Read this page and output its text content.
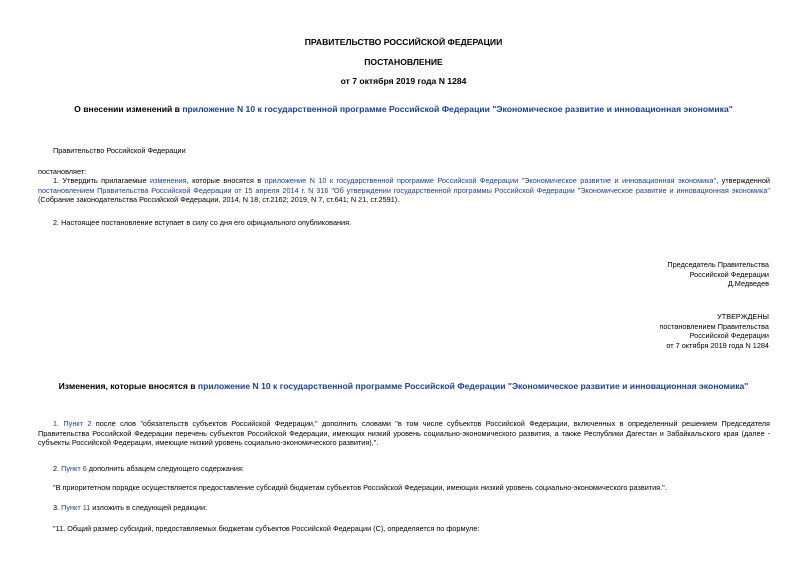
ПРАВИТЕЛЬСТВО РОССИЙСКОЙ ФЕДЕРАЦИИ
ПОСТАНОВЛЕНИЕ
от 7 октября 2019 года N 1284
О внесении изменений в приложение N 10 к государственной программе Российской Федерации "Экономическое развитие и инновационная экономика"
Правительство Российской Федерации
постановляет:
1. Утвердить прилагаемые изменения, которые вносятся в приложение N 10 к государственной программе Российской Федерации "Экономическое развитие и инновационная экономика", утвержденной постановлением Правительства Российской Федерации от 15 апреля 2014 г. N 316 "Об утверждении государственной программы Российской Федерации "Экономическое развитие и инновационная экономика" (Собрание законодательства Российской Федерации, 2014, N 18, ст.2162; 2019, N 7, ст.641; N 21, ст.2591).
2. Настоящее постановление вступает в силу со дня его официального опубликования.
Председатель Правительства
Российской Федерации
Д.Медведев
УТВЕРЖДЕНЫ
постановлением Правительства
Российской Федерации
от 7 октября 2019 года N 1284
Изменения, которые вносятся в приложение N 10 к государственной программе Российской Федерации "Экономическое развитие и инновационная экономика"
1. Пункт 2 после слов "обязательств субъектов Российской Федерации," дополнить словами "в том числе субъектов Российской Федерации, включенных в определенный решением Председателя Правительства Российской Федерации перечень субъектов Российской Федерации, имеющих низкий уровень социально-экономического развития, а также Республики Дагестан и Забайкальского края (далее - субъекты Российской Федерации, имеющие низкий уровень социально-экономического развития),".
2. Пункт 6 дополнить абзацем следующего содержания:
"В приоритетном порядке осуществляется предоставление субсидий бюджетам субъектов Российской Федерации, имеющих низкий уровень социально-экономического развития.".
3. Пункт 11 изложить в следующей редакции:
"11. Общий размер субсидий, предоставляемых бюджетам субъектов Российской Федерации (C), определяется по формуле:
